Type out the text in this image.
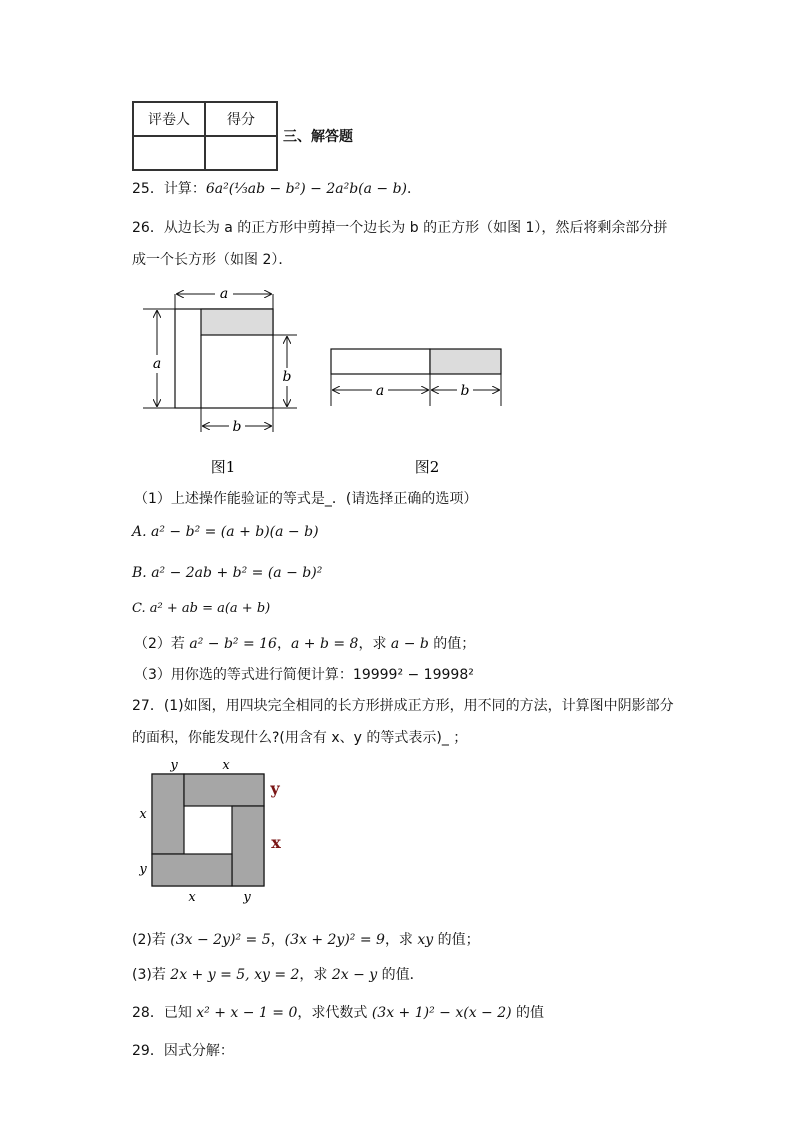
评卷人	得分

三、解答题
25．计算：6a²(⅓ab − b²) − 2a²b(a − b)．
26．从边长为 a 的正方形中剪掉一个边长为 b 的正方形（如图 1），然后将剩余部分拼
成一个长方形（如图 2）．
a
a
b
b
图1
a	b
图2
（1）上述操作能验证的等式是_．(请选择正确的选项）
A. a² − b² = (a + b)(a − b)
B. a² − 2ab + b² = (a − b)²
C. a² + ab = a(a + b)
（2）若 a² − b² = 16，a + b = 8，求 a − b 的值；
（3）用你选的等式进行简便计算：19999² − 19998²
27．(1)如图，用四块完全相同的长方形拼成正方形，用不同的方法，计算图中阴影部分
的面积，你能发现什么?(用含有 x、y 的等式表示)_ ；
y	x
y
x
x
y
x	y
(2)若 (3x − 2y)² = 5，(3x + 2y)² = 9，求 xy 的值；
(3)若 2x + y = 5, xy = 2，求 2x − y 的值．
28．已知 x² + x − 1 = 0，求代数式 (3x + 1)² − x(x − 2) 的值
29．因式分解：
